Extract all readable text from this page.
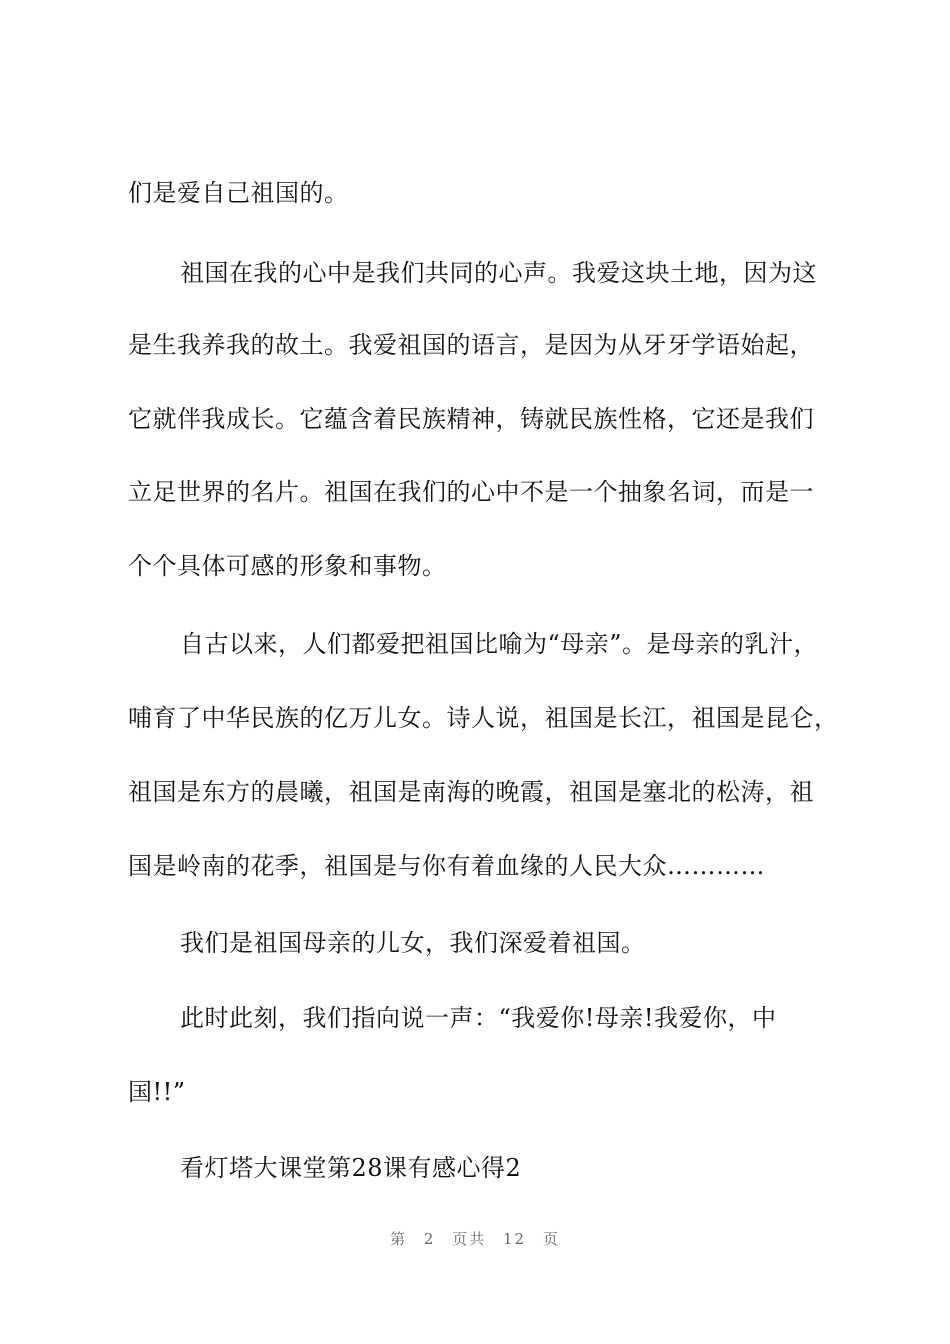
们是爱自己祖国的。
祖国在我的心中是我们共同的心声。我爱这块土地，因为这
是生我养我的故土。我爱祖国的语言，是因为从牙牙学语始起，
它就伴我成长。它蕴含着民族精神，铸就民族性格，它还是我们
立足世界的名片。祖国在我们的心中不是一个抽象名词，而是一
个个具体可感的形象和事物。
自古以来，人们都爱把祖国比喻为“母亲”。是母亲的乳汁，
哺育了中华民族的亿万儿女。诗人说，祖国是长江，祖国是昆仑，
祖国是东方的晨曦，祖国是南海的晚霞，祖国是塞北的松涛，祖
国是岭南的花季，祖国是与你有着血缘的人民大众…………
我们是祖国母亲的儿女，我们深爱着祖国。
此时此刻，我们指向说一声：“我爱你!母亲!我爱你，中
国!!”
看灯塔大课堂第28课有感心得2
第 2 页共 12 页
